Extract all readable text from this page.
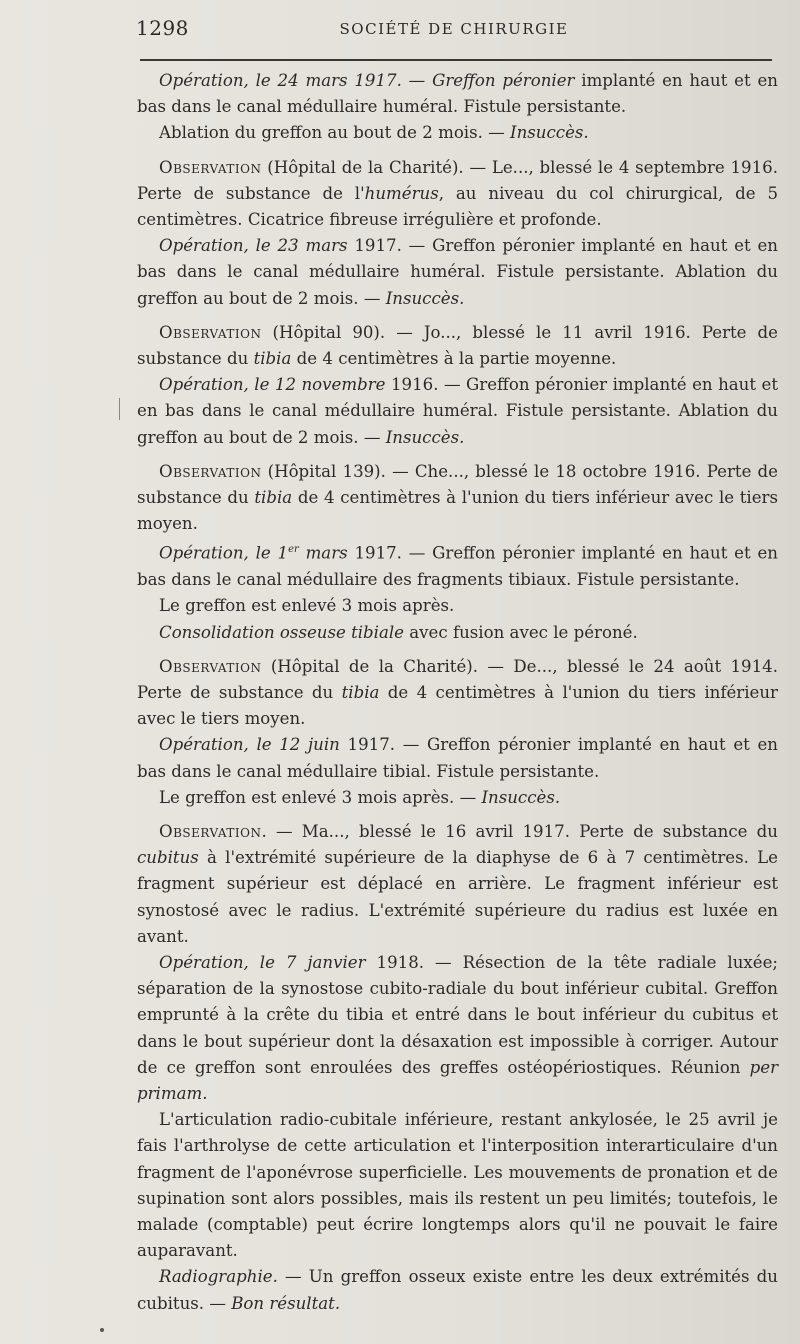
1298	SOCIÉTÉ DE CHIRURGIE

Opération, le 24 mars 1917. — Greffon péronier implanté en haut et en bas dans le canal médullaire huméral. Fistule persistante.

Ablation du greffon au bout de 2 mois. — Insuccès.

Observation (Hôpital de la Charité). — Le..., blessé le 4 septembre 1916. Perte de substance de l'humérus, au niveau du col chirurgical, de 5 centimètres. Cicatrice fibreuse irrégulière et profonde.

Opération, le 23 mars 1917. — Greffon péronier implanté en haut et en bas dans le canal médullaire huméral. Fistule persistante. Ablation du greffon au bout de 2 mois. — Insuccès.

Observation (Hôpital 90). — Jo..., blessé le 11 avril 1916. Perte de substance du tibia de 4 centimètres à la partie moyenne.

Opération, le 12 novembre 1916. — Greffon péronier implanté en haut et en bas dans le canal médullaire huméral. Fistule persistante. Ablation du greffon au bout de 2 mois. — Insuccès.

Observation (Hôpital 139). — Che..., blessé le 18 octobre 1916. Perte de substance du tibia de 4 centimètres à l'union du tiers inférieur avec le tiers moyen.

Opération, le 1er mars 1917. — Greffon péronier implanté en haut et en bas dans le canal médullaire des fragments tibiaux. Fistule persistante.

Le greffon est enlevé 3 mois après.

Consolidation osseuse tibiale avec fusion avec le péroné.

Observation (Hôpital de la Charité). — De..., blessé le 24 août 1914. Perte de substance du tibia de 4 centimètres à l'union du tiers inférieur avec le tiers moyen.

Opération, le 12 juin 1917. — Greffon péronier implanté en haut et en bas dans le canal médullaire tibial. Fistule persistante.

Le greffon est enlevé 3 mois après. — Insuccès.

Observation. — Ma..., blessé le 16 avril 1917. Perte de substance du cubitus à l'extrémité supérieure de la diaphyse de 6 à 7 centimètres. Le fragment supérieur est déplacé en arrière. Le fragment inférieur est synostosé avec le radius. L'extrémité supérieure du radius est luxée en avant.

Opération, le 7 janvier 1918. — Résection de la tête radiale luxée; séparation de la synostose cubito-radiale du bout inférieur cubital. Greffon emprunté à la crête du tibia et entré dans le bout inférieur du cubitus et dans le bout supérieur dont la désaxation est impossible à corriger. Autour de ce greffon sont enroulées des greffes ostéopériostiques. Réunion per primam.

L'articulation radio-cubitale inférieure, restant ankylosée, le 25 avril je fais l'arthrolyse de cette articulation et l'interposition interarticulaire d'un fragment de l'aponévrose superficielle. Les mouvements de pronation et de supination sont alors possibles, mais ils restent un peu limités; toutefois, le malade (comptable) peut écrire longtemps alors qu'il ne pouvait le faire auparavant.

Radiographie. — Un greffon osseux existe entre les deux extrémités du cubitus. — Bon résultat.
